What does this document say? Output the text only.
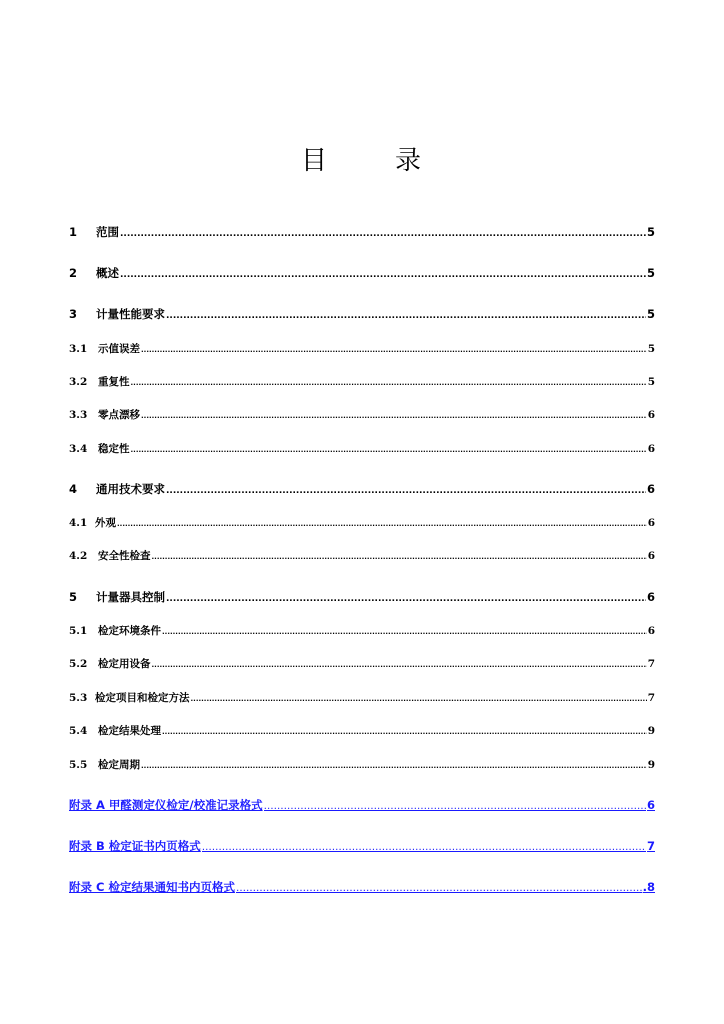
目	录
1	范围 .....	5
2	概述 .....	5
3	计量性能要求 .....	5
3.1	示值误差 .....	5
3.2	重复性 .....	5
3.3	零点漂移 .....	6
3.4	稳定性 .....	6
4	通用技术要求 .....	6
4.1 外观 .....	6
4.2	安全性检查 .....	6
5	计量器具控制 .....	6
5.1	检定环境条件 .....	6
5.2	检定用设备 .....	7
5.3 检定项目和检定方法 .....	7
5.4	检定结果处理 .....	9
5.5	检定周期 .....	9
附录 A 甲醛测定仪检定/校准记录格式 ……………………………………………………………………………………………………………………………………………………………………………………………………………………………………………………………………………………………………………………………………	6
附录 B 检定证书内页格式 ……………………………………………………………………………………………………………………………………………………………………………………………………………………………………………………………………………………………………………………………………	7
附录 C 检定结果通知书内页格式 ……………………………………………………………………………………………………………………………………………………………………………………………………………………………………………………………………………………………………………………………………	.8
